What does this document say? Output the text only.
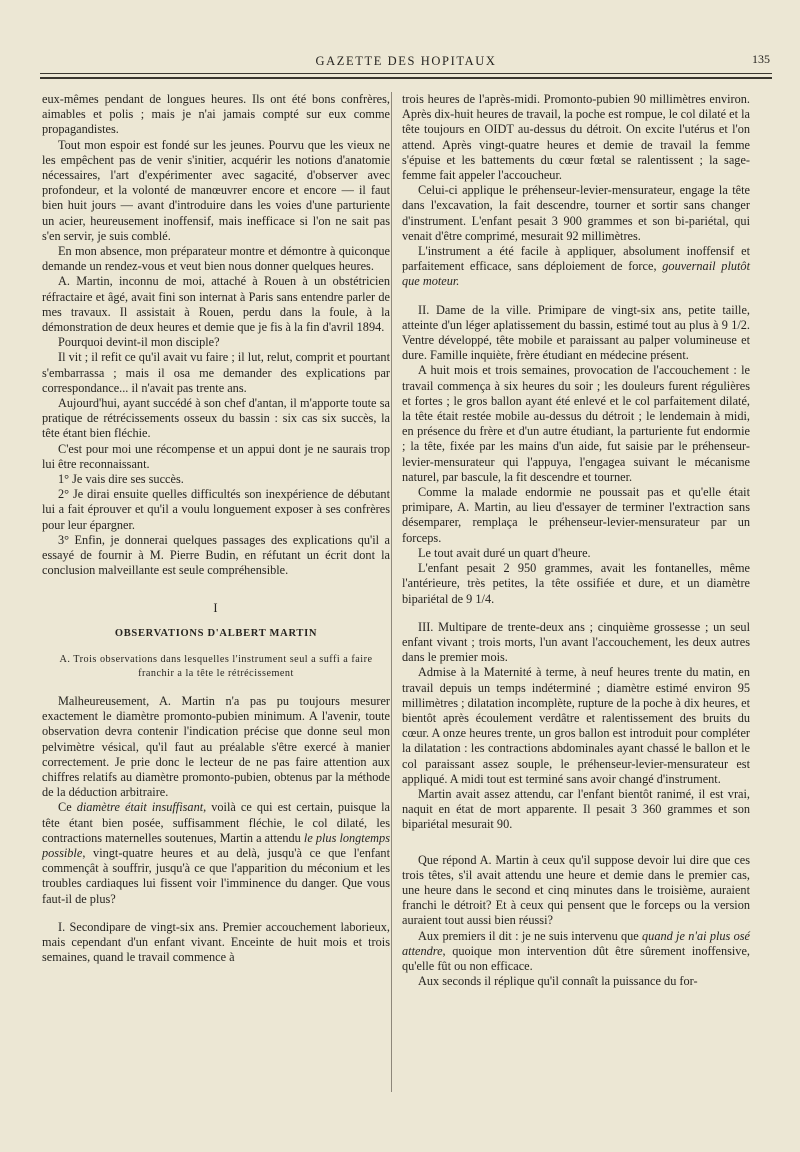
GAZETTE DES HOPITAUX	135

eux-mêmes pendant de longues heures. Ils ont été bons confrères, aimables et polis ; mais je n'ai jamais compté sur eux comme propagandistes.

Tout mon espoir est fondé sur les jeunes. Pourvu que les vieux ne les empêchent pas de venir s'initier, acquérir les notions d'anatomie nécessaires, l'art d'expérimenter avec sagacité, d'observer avec profondeur, et la volonté de manœuvrer encore et encore — il faut bien huit jours — avant d'introduire dans les voies d'une parturiente un acier, heureusement inoffensif, mais inefficace si l'on ne sait pas s'en servir, je suis comblé.

En mon absence, mon préparateur montre et démontre à quiconque demande un rendez-vous et veut bien nous donner quelques heures.

A. Martin, inconnu de moi, attaché à Rouen à un obstétricien réfractaire et âgé, avait fini son internat à Paris sans entendre parler de mes travaux. Il assistait à Rouen, perdu dans la foule, à la démonstration de deux heures et demie que je fis à la fin d'avril 1894.

Pourquoi devint-il mon disciple?

Il vit ; il refit ce qu'il avait vu faire ; il lut, relut, comprit et pourtant s'embarrassa ; mais il osa me demander des explications par correspondance... il n'avait pas trente ans.

Aujourd'hui, ayant succédé à son chef d'antan, il m'apporte toute sa pratique de rétrécissements osseux du bassin : six cas six succès, la tête étant bien fléchie.

C'est pour moi une récompense et un appui dont je ne saurais trop lui être reconnaissant.

1° Je vais dire ses succès.

2° Je dirai ensuite quelles difficultés son inexpérience de débutant lui a fait éprouver et qu'il a voulu longuement exposer à ses confrères pour leur épargner.

3° Enfin, je donnerai quelques passages des explications qu'il a essayé de fournir à M. Pierre Budin, en réfutant un écrit dont la conclusion malveillante est seule compréhensible.

I
OBSERVATIONS D'ALBERT MARTIN
A. Trois observations dans lesquelles l'instrument seul a suffi a faire franchir a la tête le rétrécissement

Malheureusement, A. Martin n'a pas pu toujours mesurer exactement le diamètre promonto-pubien minimum. A l'avenir, toute observation devra contenir l'indication précise que donne seul mon pelvimètre vésical, qu'il faut au préalable s'être exercé à manier correctement. Je prie donc le lecteur de ne pas faire attention aux chiffres relatifs au diamètre promonto-pubien, obtenus par la méthode de la déduction arbitraire.

Ce diamètre était insuffisant, voilà ce qui est certain, puisque la tête étant bien posée, suffisamment fléchie, le col dilaté, les contractions maternelles soutenues, Martin a attendu le plus longtemps possible, vingt-quatre heures et au delà, jusqu'à ce que l'enfant commençât à souffrir, jusqu'à ce que l'apparition du méconium et les troubles cardiaques lui fissent voir l'imminence du danger. Que vous faut-il de plus?

I. Secondipare de vingt-six ans. Premier accouchement laborieux, mais cependant d'un enfant vivant. Enceinte de huit mois et trois semaines, quand le travail commence à

trois heures de l'après-midi. Promonto-pubien 90 millimètres environ. Après dix-huit heures de travail, la poche est rompue, le col dilaté et la tête toujours en OIDT au-dessus du détroit. On excite l'utérus et l'on attend. Après vingt-quatre heures et demie de travail la femme s'épuise et les battements du cœur fœtal se ralentissent ; la sage-femme fait appeler l'accoucheur.

Celui-ci applique le préhenseur-levier-mensurateur, engage la tête dans l'excavation, la fait descendre, tourner et sortir sans changer d'instrument. L'enfant pesait 3 900 grammes et son bi-pariétal, qui venait d'être comprimé, mesurait 92 millimètres.

L'instrument a été facile à appliquer, absolument inoffensif et parfaitement efficace, sans déploiement de force, gouvernail plutôt que moteur.

II. Dame de la ville. Primipare de vingt-six ans, petite taille, atteinte d'un léger aplatissement du bassin, estimé tout au plus à 9 1/2. Ventre développé, tête mobile et paraissant au palper volumineuse et dure. Famille inquiète, frère étudiant en médecine présent.

A huit mois et trois semaines, provocation de l'accouchement : le travail commença à six heures du soir ; les douleurs furent régulières et fortes ; le gros ballon ayant été enlevé et le col parfaitement dilaté, la tête était restée mobile au-dessus du détroit ; le lendemain à midi, en présence du frère et d'un autre étudiant, la parturiente fut endormie ; la tête, fixée par les mains d'un aide, fut saisie par le préhenseur-levier-mensurateur qui l'appuya, l'engagea suivant le mécanisme naturel, par bascule, la fit descendre et tourner.

Comme la malade endormie ne poussait pas et qu'elle était primipare, A. Martin, au lieu d'essayer de terminer l'extraction sans désemparer, remplaça le préhenseur-levier-mensurateur par un forceps.

Le tout avait duré un quart d'heure.

L'enfant pesait 2 950 grammes, avait les fontanelles, même l'antérieure, très petites, la tête ossifiée et dure, et un diamètre bipariétal de 9 1/4.

III. Multipare de trente-deux ans ; cinquième grossesse ; un seul enfant vivant ; trois morts, l'un avant l'accouchement, les deux autres dans le premier mois.

Admise à la Maternité à terme, à neuf heures trente du matin, en travail depuis un temps indéterminé ; diamètre estimé environ 95 millimètres ; dilatation incomplète, rupture de la poche à dix heures, et bientôt après écoulement verdâtre et ralentissement des bruits du cœur. A onze heures trente, un gros ballon est introduit pour compléter la dilatation : les contractions abdominales ayant chassé le ballon et le col paraissant assez souple, le préhenseur-levier-mensurateur est appliqué. A midi tout est terminé sans avoir changé d'instrument.

Martin avait assez attendu, car l'enfant bientôt ranimé, il est vrai, naquit en état de mort apparente. Il pesait 3 360 grammes et son bipariétal mesurait 90.

Que répond A. Martin à ceux qu'il suppose devoir lui dire que ces trois têtes, s'il avait attendu une heure et demie dans le premier cas, une heure dans le second et cinq minutes dans le troisième, auraient franchi le détroit? Et à ceux qui pensent que le forceps ou la version auraient tout aussi bien réussi?

Aux premiers il dit : je ne suis intervenu que quand je n'ai plus osé attendre, quoique mon intervention dût être sûrement inoffensive, qu'elle fût ou non efficace.

Aux seconds il réplique qu'il connaît la puissance du for-
